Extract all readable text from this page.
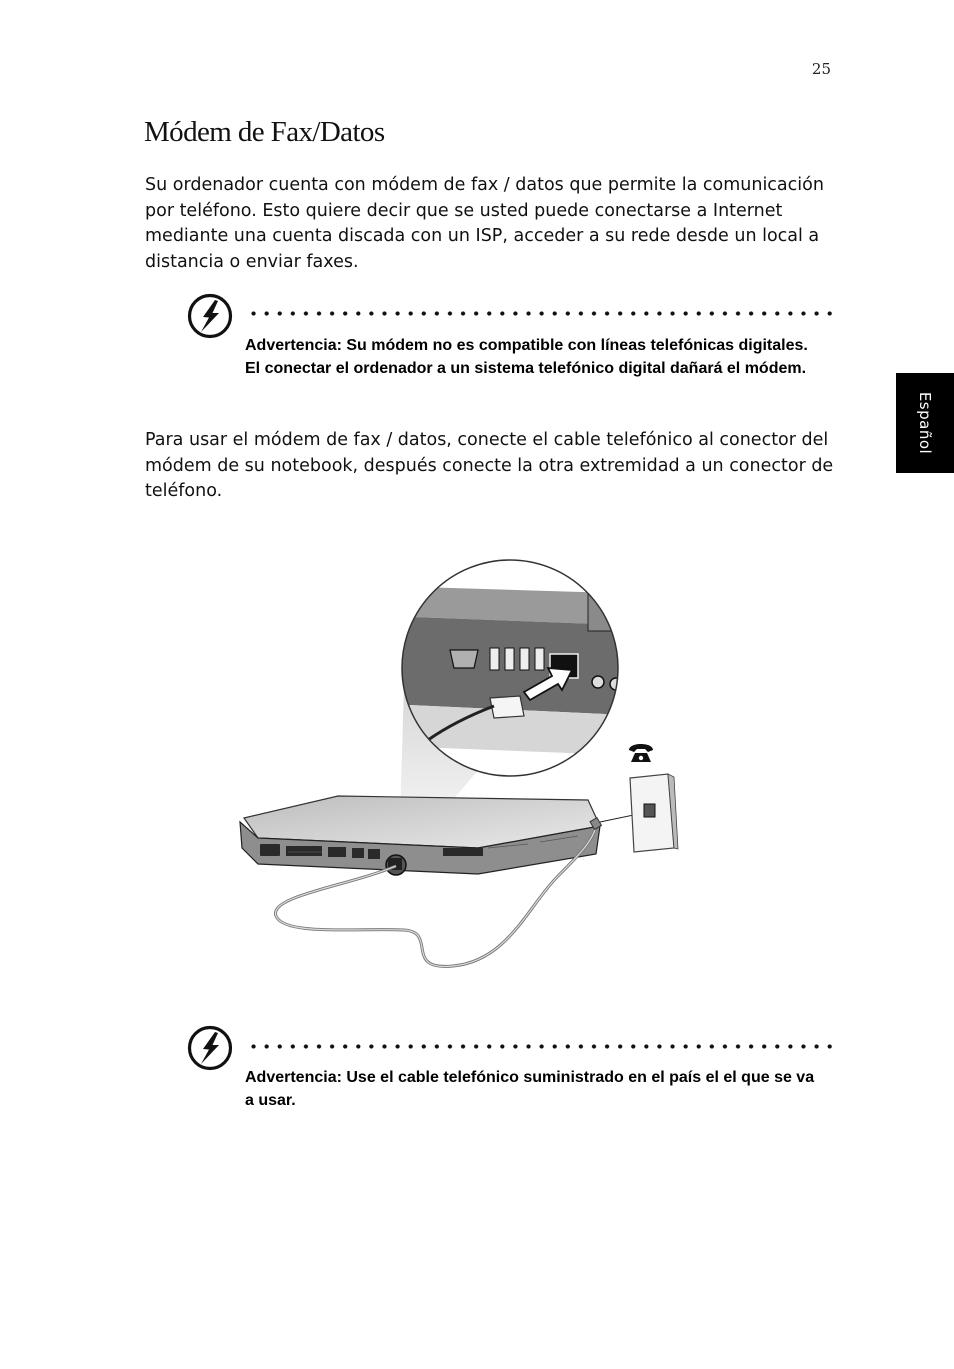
25
Español
Módem de Fax/Datos

Su ordenador cuenta con módem de fax / datos que permite la comunicación por teléfono. Esto quiere decir que se usted puede conectarse a Internet mediante una cuenta discada con un ISP, acceder a su rede desde un local a distancia o enviar faxes.

Advertencia: Su módem no es compatible con líneas telefónicas digitales. El conectar el ordenador a un sistema telefónico digital dañará el módem.

Para usar el módem de fax / datos, conecte el cable telefónico al conector del módem de su notebook, después conecte la otra extremidad a un conector de teléfono.

Advertencia: Use el cable telefónico suministrado en el país el el que se va a usar.
